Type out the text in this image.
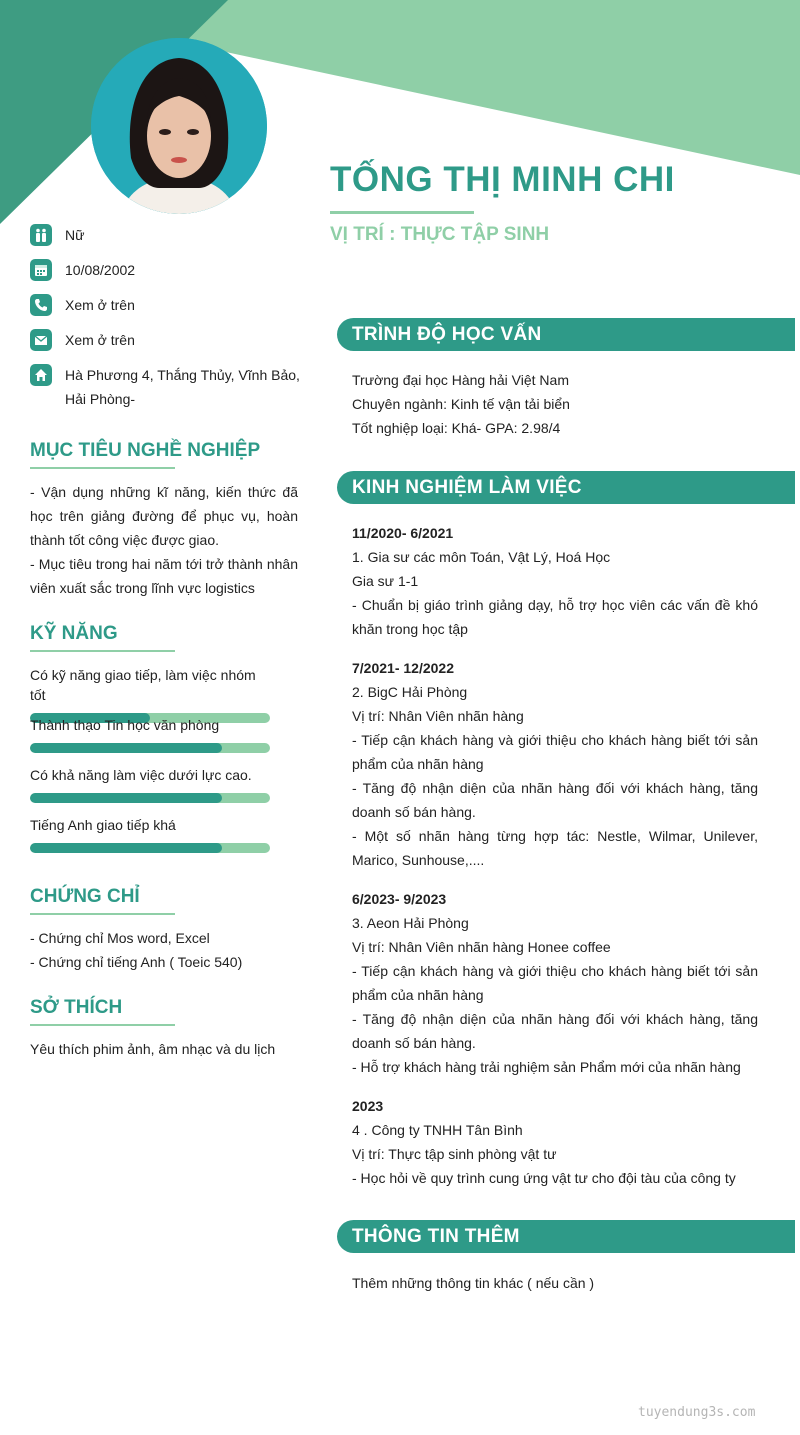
TỐNG THỊ MINH CHI
VỊ TRÍ : THỰC TẬP SINH
Nữ
10/08/2002
Xem ở trên
Xem ở trên
Hà Phương 4, Thắng Thủy, Vĩnh Bảo, Hải Phòng-
MỤC TIÊU NGHỀ NGHIỆP

- Vận dụng những kĩ năng, kiến thức đã học trên giảng đường để phục vụ, hoàn thành tốt công việc được giao.

- Mục tiêu trong hai năm tới trở thành nhân viên xuất sắc trong lĩnh vực logistics

KỸ NĂNG
Có kỹ năng giao tiếp, làm việc nhóm tốt
Thành thạo Tin học văn phòng
Có khả năng làm việc dưới lực cao.
Tiếng Anh giao tiếp khá
CHỨNG CHỈ

- Chứng chỉ Mos word, Excel

- Chứng chỉ tiếng Anh ( Toeic 540)

SỞ THÍCH
Yêu thích phim ảnh, âm nhạc và du lịch
TRÌNH ĐỘ HỌC VẤN

Trường đại học Hàng hải Việt Nam

Chuyên ngành: Kinh tế vận tải biển

Tốt nghiệp loại: Khá- GPA: 2.98/4

KINH NGHIỆM LÀM VIỆC

11/2020- 6/2021

1. Gia sư các môn Toán, Vật Lý, Hoá Học

Gia sư 1-1

- Chuẩn bị giáo trình giảng dạy, hỗ trợ học viên các vấn đề khó khăn trong học tập

7/2021- 12/2022

2. BigC Hải Phòng

Vị trí: Nhân Viên nhãn hàng

- Tiếp cận khách hàng và giới thiệu cho khách hàng biết tới sản phẩm của nhãn hàng

- Tăng độ nhận diện của nhãn hàng đối với khách hàng, tăng doanh số bán hàng.

- Một số nhãn hàng từng hợp tác: Nestle, Wilmar, Unilever, Marico, Sunhouse,....

6/2023- 9/2023

3. Aeon Hải Phòng

Vị trí: Nhân Viên nhãn hàng Honee coffee

- Tiếp cận khách hàng và giới thiệu cho khách hàng biết tới sản phẩm của nhãn hàng

- Tăng độ nhận diện của nhãn hàng đối với khách hàng, tăng doanh số bán hàng.

- Hỗ trợ khách hàng trải nghiệm sản Phẩm mới của nhãn hàng

2023

4 . Công ty TNHH Tân Bình

Vị trí: Thực tập sinh phòng vật tư

- Học hỏi về quy trình cung ứng vật tư cho đội tàu của công ty

THÔNG TIN THÊM
Thêm những thông tin khác ( nếu cần )
tuyendung3s.com
